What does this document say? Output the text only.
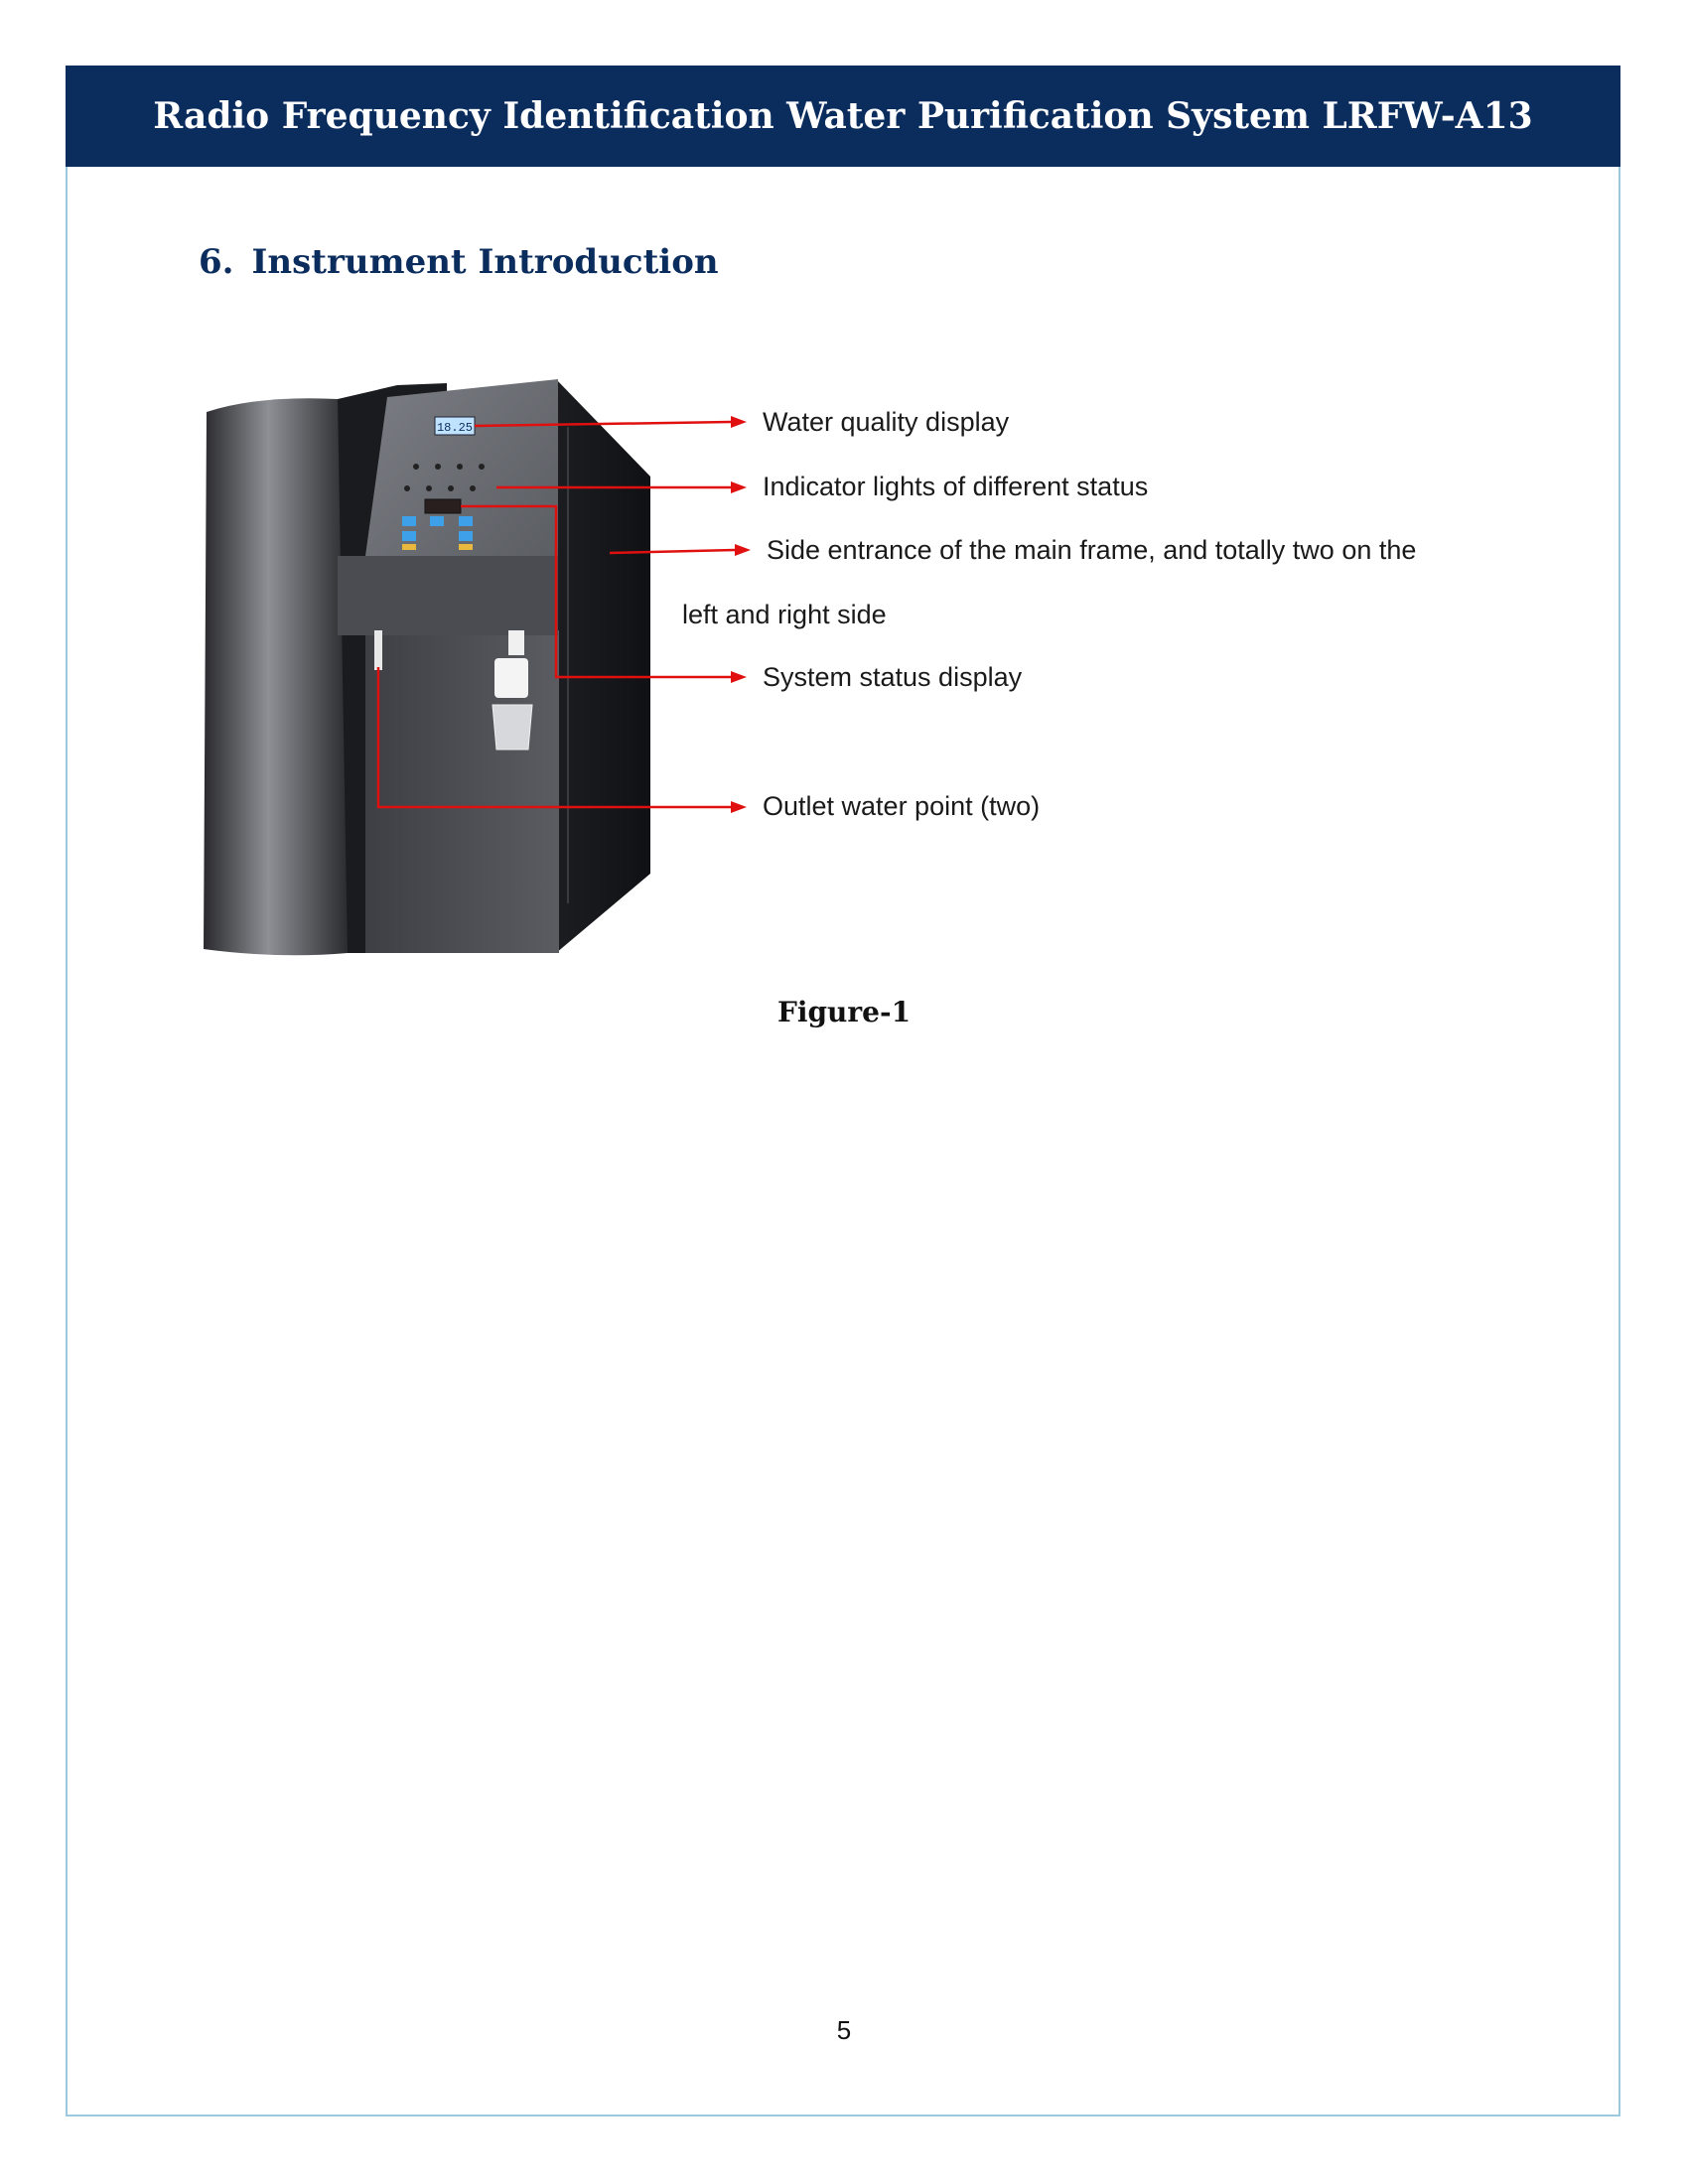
Radio Frequency Identification Water Purification System LRFW-A13
6. Instrument Introduction
18.25	Water quality display
Indicator lights of different status
Side entrance of the main frame, and totally two on the
left and right side
System status display
Outlet water point (two)
Figure-1
5
